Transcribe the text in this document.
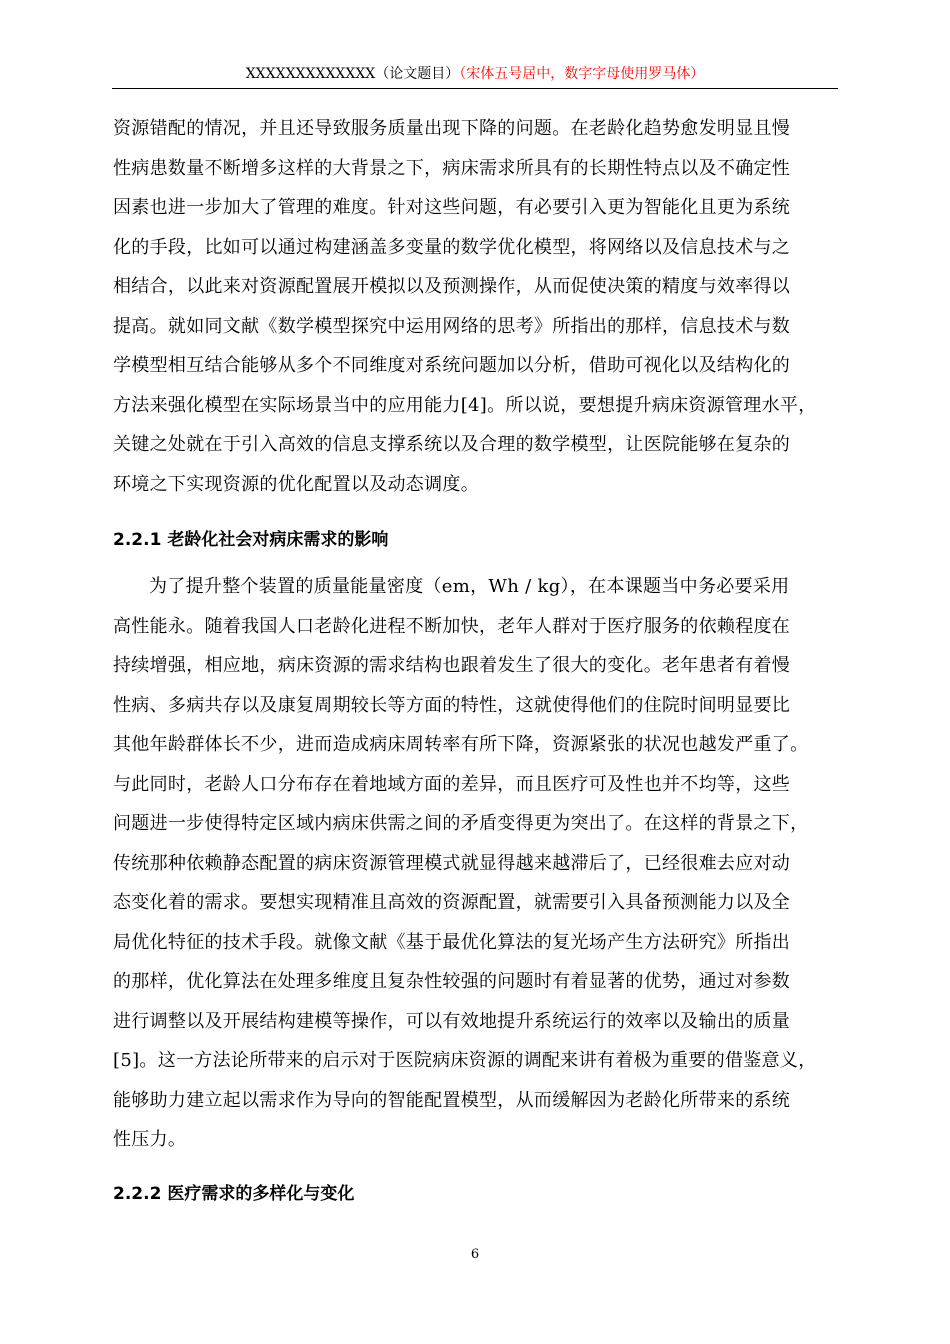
XXXXXXXXXXXXX（论文题目）（宋体五号居中，数字字母使用罗马体）

资源错配的情况，并且还导致服务质量出现下降的问题。在老龄化趋势愈发明显且慢
性病患数量不断增多这样的大背景之下，病床需求所具有的长期性特点以及不确定性
因素也进一步加大了管理的难度。针对这些问题，有必要引入更为智能化且更为系统
化的手段，比如可以通过构建涵盖多变量的数学优化模型，将网络以及信息技术与之
相结合，以此来对资源配置展开模拟以及预测操作，从而促使决策的精度与效率得以
提高。就如同文献《数学模型探究中运用网络的思考》所指出的那样，信息技术与数
学模型相互结合能够从多个不同维度对系统问题加以分析，借助可视化以及结构化的
方法来强化模型在实际场景当中的应用能力[4]。所以说，要想提升病床资源管理水平，
关键之处就在于引入高效的信息支撑系统以及合理的数学模型，让医院能够在复杂的
环境之下实现资源的优化配置以及动态调度。

2.2.1 老龄化社会对病床需求的影响

为了提升整个装置的质量能量密度（em，Wh / kg），在本课题当中务必要采用
高性能永。随着我国人口老龄化进程不断加快，老年人群对于医疗服务的依赖程度在
持续增强，相应地，病床资源的需求结构也跟着发生了很大的变化。老年患者有着慢
性病、多病共存以及康复周期较长等方面的特性，这就使得他们的住院时间明显要比
其他年龄群体长不少，进而造成病床周转率有所下降，资源紧张的状况也越发严重了。
与此同时，老龄人口分布存在着地域方面的差异，而且医疗可及性也并不均等，这些
问题进一步使得特定区域内病床供需之间的矛盾变得更为突出了。在这样的背景之下，
传统那种依赖静态配置的病床资源管理模式就显得越来越滞后了，已经很难去应对动
态变化着的需求。要想实现精准且高效的资源配置，就需要引入具备预测能力以及全
局优化特征的技术手段。就像文献《基于最优化算法的复光场产生方法研究》所指出
的那样，优化算法在处理多维度且复杂性较强的问题时有着显著的优势，通过对参数
进行调整以及开展结构建模等操作，可以有效地提升系统运行的效率以及输出的质量
[5]。这一方法论所带来的启示对于医院病床资源的调配来讲有着极为重要的借鉴意义，
能够助力建立起以需求作为导向的智能配置模型，从而缓解因为老龄化所带来的系统
性压力。

2.2.2 医疗需求的多样化与变化
6
